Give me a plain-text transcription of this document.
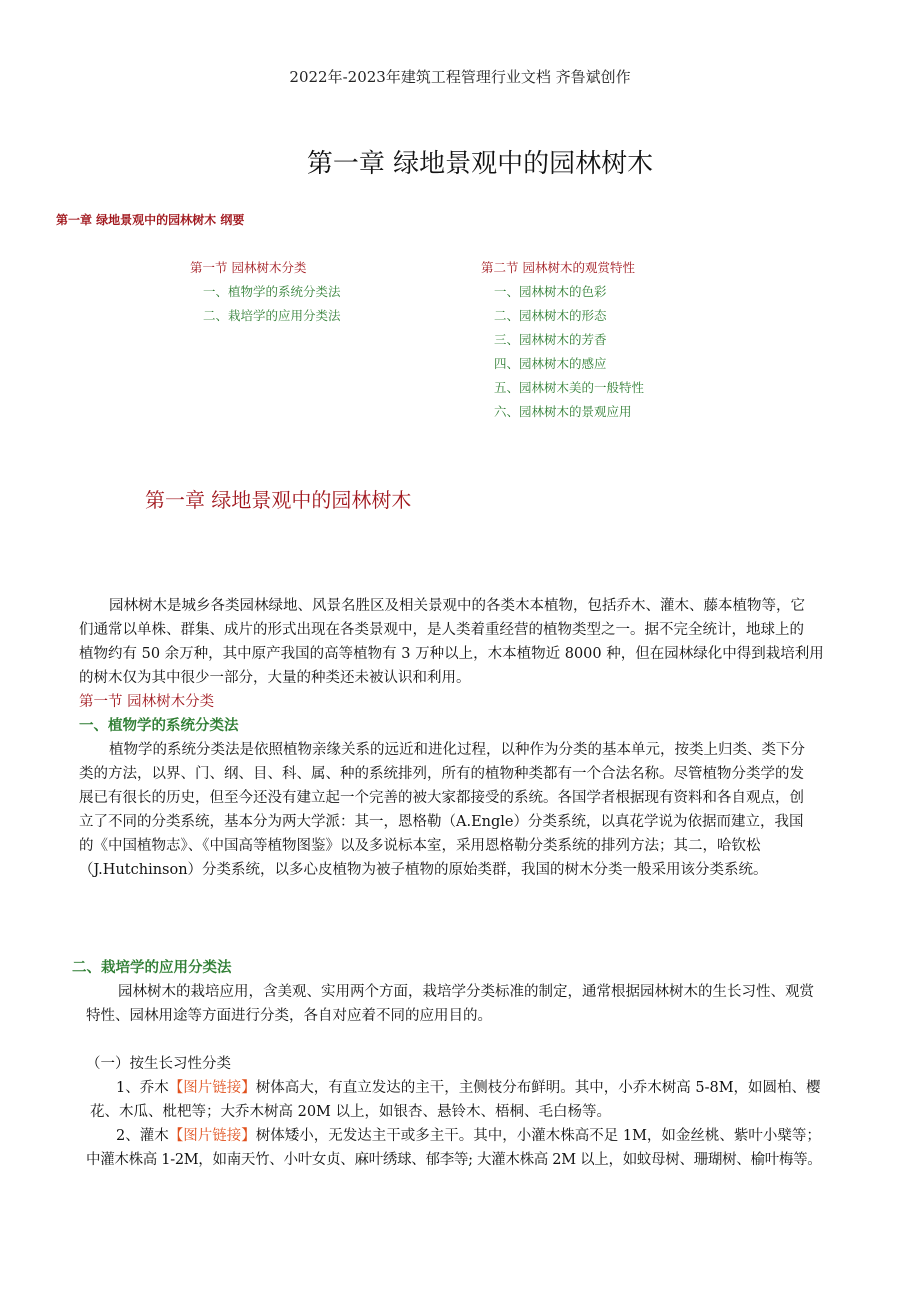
2022年-2023年建筑工程管理行业文档 齐鲁斌创作
第一章 绿地景观中的园林树木
第一章 绿地景观中的园林树木 纲要
第一节 园林树木分类
一、植物学的系统分类法
二、栽培学的应用分类法
第二节 园林树木的观赏特性
一、园林树木的色彩
二、园林树木的形态
三、园林树木的芳香
四、园林树木的感应
五、园林树木美的一般特性
六、园林树木的景观应用
第一章 绿地景观中的园林树木
园林树木是城乡各类园林绿地、风景名胜区及相关景观中的各类木本植物，包括乔木、灌木、藤本植物等，它
们通常以单株、群集、成片的形式出现在各类景观中，是人类着重经营的植物类型之一。据不完全统计，地球上的
植物约有 50 余万种，其中原产我国的高等植物有 3 万种以上，木本植物近 8000 种，但在园林绿化中得到栽培利用
的树木仅为其中很少一部分，大量的种类还未被认识和利用。
第一节 园林树木分类
一、植物学的系统分类法
植物学的系统分类法是依照植物亲缘关系的远近和进化过程，以种作为分类的基本单元，按类上归类、类下分
类的方法，以界、门、纲、目、科、属、种的系统排列，所有的植物种类都有一个合法名称。尽管植物分类学的发
展已有很长的历史，但至今还没有建立起一个完善的被大家都接受的系统。各国学者根据现有资料和各自观点，创
立了不同的分类系统，基本分为两大学派：其一，恩格勒（A.Engle）分类系统，以真花学说为依据而建立，我国
的《中国植物志》、《中国高等植物图鉴》以及多说标本室，采用恩格勒分类系统的排列方法；其二，哈钦松
（J.Hutchinson）分类系统，以多心皮植物为被子植物的原始类群，我国的树木分类一般采用该分类系统。
二、栽培学的应用分类法
园林树木的栽培应用，含美观、实用两个方面，栽培学分类标准的制定，通常根据园林树木的生长习性、观赏
特性、园林用途等方面进行分类，各自对应着不同的应用目的。
（一）按生长习性分类
1、乔木【图片链接】树体高大，有直立发达的主干，主侧枝分布鲜明。其中，小乔木树高 5-8M，如圆柏、樱
花、木瓜、枇杷等；大乔木树高 20M 以上，如银杏、悬铃木、梧桐、毛白杨等。
2、灌木【图片链接】树体矮小，无发达主干或多主干。其中，小灌木株高不足 1M，如金丝桃、紫叶小檗等；
中灌木株高 1-2M，如南天竹、小叶女贞、麻叶绣球、郁李等; 大灌木株高 2M 以上，如蚊母树、珊瑚树、榆叶梅等。
